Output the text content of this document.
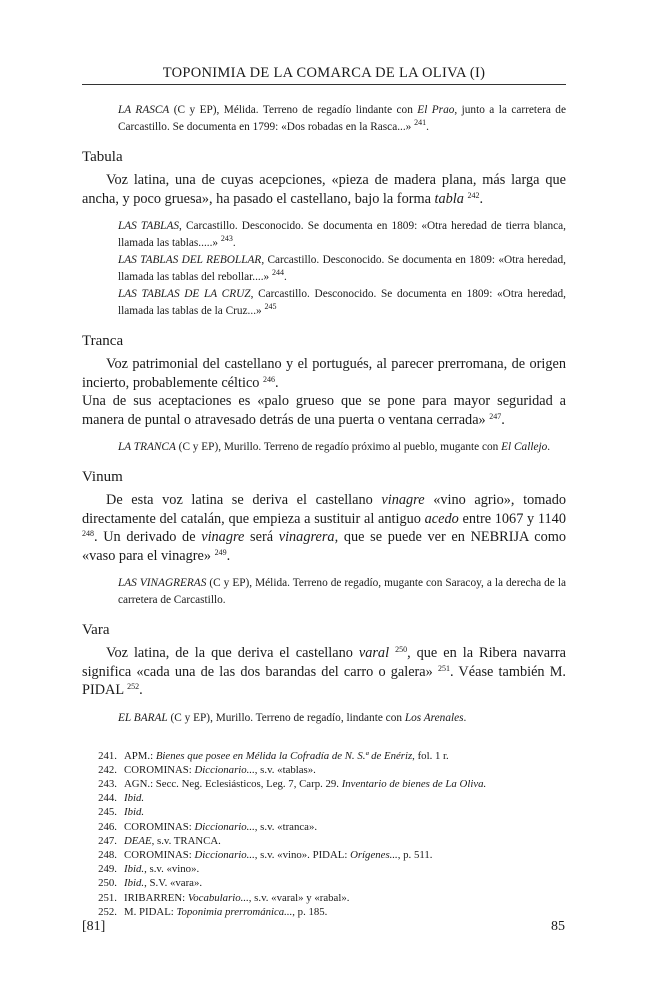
TOPONIMIA DE LA COMARCA DE LA OLIVA (I)

LA RASCA (C y EP), Mélida. Terreno de regadío lindante con El Prao, junto a la carretera de Carcastillo. Se documenta en 1799: «Dos robadas en la Rasca...» $^{241}$.

Tabula

Voz latina, una de cuyas acepciones, «pieza de madera plana, más larga que ancha, y poco gruesa», ha pasado el castellano, bajo la forma tabla $^{242}$.

LAS TABLAS, Carcastillo. Desconocido. Se documenta en 1809: «Otra heredad de tierra blanca, llamada las tablas.....» $^{243}$.

LAS TABLAS DEL REBOLLAR, Carcastillo. Desconocido. Se documenta en 1809: «Otra heredad, llamada las tablas del rebollar....» $^{244}$.

LAS TABLAS DE LA CRUZ, Carcastillo. Desconocido. Se documenta en 1809: «Otra heredad, llamada las tablas de la Cruz...» $^{245}$

Tranca

Voz patrimonial del castellano y el portugués, al parecer prerromana, de origen incierto, probablemente céltico $^{246}$.

Una de sus aceptaciones es «palo grueso que se pone para mayor seguridad a manera de puntal o atravesado detrás de una puerta o ventana cerrada» $^{247}$.

LA TRANCA (C y EP), Murillo. Terreno de regadío próximo al pueblo, mugante con El Callejo.

Vinum

De esta voz latina se deriva el castellano vinagre «vino agrio», tomado directamente del catalán, que empieza a sustituir al antiguo acedo entre 1067 y 1140 $^{248}$. Un derivado de vinagre será vinagrera, que se puede ver en NEBRIJA como «vaso para el vinagre» $^{249}$.

LAS VINAGRERAS (C y EP), Mélida. Terreno de regadío, mugante con Saracoy, a la derecha de la carretera de Carcastillo.

Vara

Voz latina, de la que deriva el castellano varal $^{250}$, que en la Ribera navarra significa «cada una de las dos barandas del carro o galera» $^{251}$. Véase también M. PIDAL $^{252}$.

EL BARAL (C y EP), Murillo. Terreno de regadío, lindante con Los Arenales.

241. APM.: Bienes que posee en Mélida la Cofradía de N. S.ª de Enériz, fol. 1 r.
242. COROMINAS: Diccionario..., s.v. «tablas».
243. AGN.: Secc. Neg. Eclesiásticos, Leg. 7, Carp. 29. Inventario de bienes de La Oliva.
244. Ibid.
245. Ibid.
246. COROMINAS: Diccionario..., s.v. «tranca».
247. DEAE, s.v. TRANCA.
248. COROMINAS: Diccionario..., s.v. «vino». PIDAL: Orígenes..., p. 511.
249. Ibid., s.v. «vino».
250. Ibid., S.V. «vara».
251. IRIBARREN: Vocabulario..., s.v. «varal» y «rabal».
252. M. PIDAL: Toponimia prerrománica..., p. 185.
[81]	85
